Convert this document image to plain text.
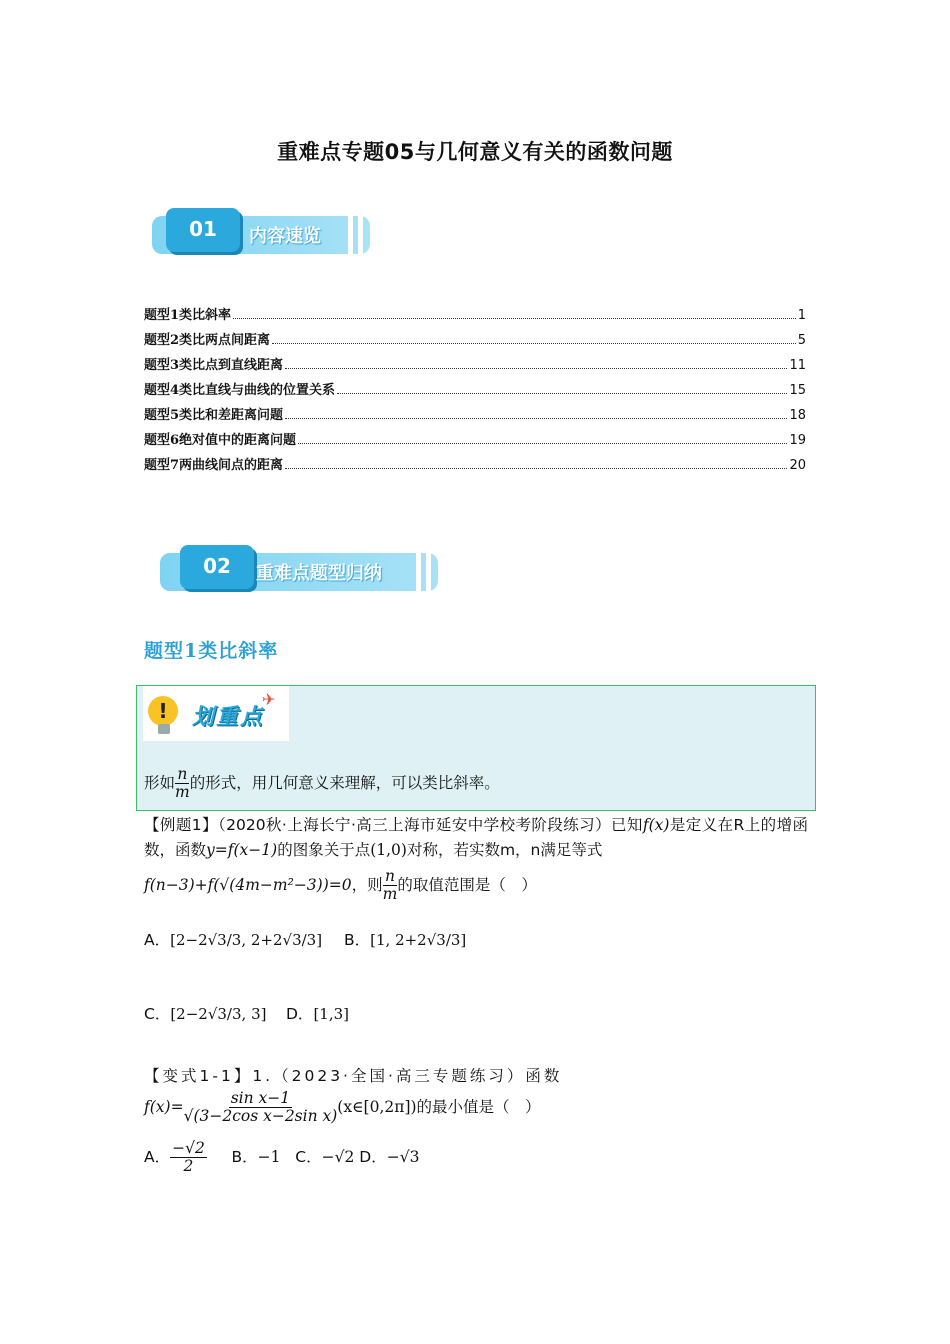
重难点专题05与几何意义有关的函数问题
01	内容速览
题型1类比斜率	1
题型2类比两点间距离	5
题型3类比点到直线距离	11
题型4类比直线与曲线的位置关系	15
题型5类比和差距离问题	18
题型6绝对值中的距离问题	19
题型7两曲线间点的距离	20
02	重难点题型归纳
题型1类比斜率
!	划重点
✈
形如 $\frac{n}{m}$ 的形式，用几何意义来理解，可以类比斜率。
【例题1】（2020秋·上海长宁·高三上海市延安中学校考阶段练习）已知f(x)是定义在R上的增函数，函数y=f(x−1)的图象关于点(1,0)对称，若实数m，n满足等式
f(n−3)+f(√(4m−m²−3))=0，则 $\frac{n}{m}$ 的取值范围是（　）
A．[2−2√3/3, 2+2√3/3] B．[1, 2+2√3/3]
C．[2−2√3/3, 3] D．[1,3]
【变式1-1】1.（2023·全国·高三专题练习）函数
$f(x)= \frac{\text{sin x−1}}{\text{√(3−2cos x−2sin x)}}$ (x∈[0,2π])的最小值是（　）
A． $\frac{-√2}{2}$ B．−1 C．−√2 D．−√3
